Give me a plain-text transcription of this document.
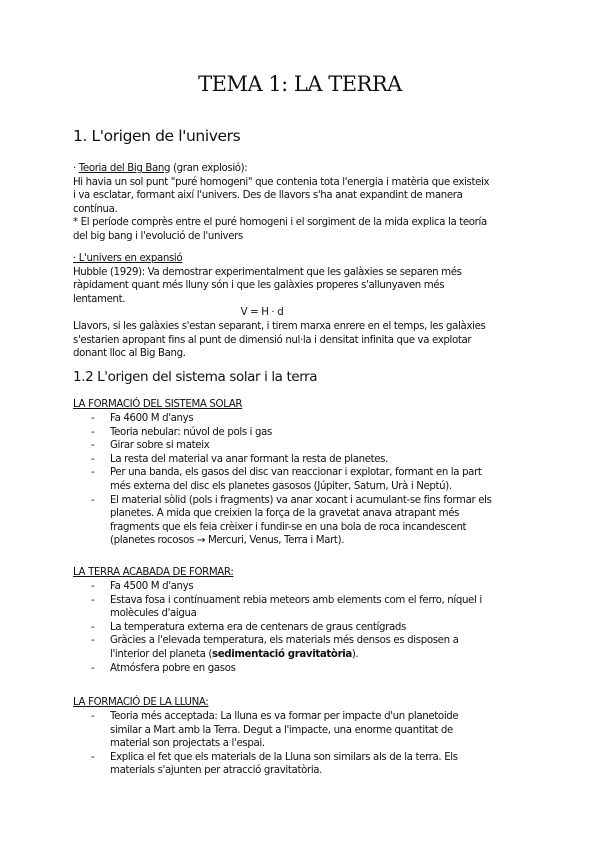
TEMA 1: LA TERRA
1. L'origen de l'univers
· Teoria del Big Bang (gran explosió):
Hi havia un sol punt "puré homogeni" que contenia tota l'energia i matèria que existeix
i va esclatar, formant així l'univers. Des de llavors s'ha anat expandint de manera
contínua.
* El període comprès entre el puré homogeni i el sorgiment de la mida explica la teoría
del big bang i l'evolució de l'univers
· L'univers en expansió
Hubble (1929): Va demostrar experimentalment que les galàxies se separen més
ràpidament quant més lluny són i que les galàxies properes s'allunyaven més
lentament.
V = H · d
Llavors, si les galàxies s'estan separant, i tirem marxa enrere en el temps, les galàxies
s'estarien apropant fins al punt de dimensió nul·la i densitat infinita que va explotar
donant lloc al Big Bang.
1.2 L'origen del sistema solar i la terra
LA FORMACIÓ DEL SISTEMA SOLAR
- Fa 4600 M d'anys
- Teoria nebular: núvol de pols i gas
- Girar sobre si mateix
- La resta del material va anar formant la resta de planetes.
- Per una banda, els gasos del disc van reaccionar i explotar, formant en la part
més externa del disc els planetes gasosos (Júpiter, Saturn, Urà i Neptú).
- El material sòlid (pols i fragments) va anar xocant i acumulant-se fins formar els
planetes. A mida que creixien la força de la gravetat anava atrapant més
fragments que els feia crèixer i fundir-se en una bola de roca incandescent
(planetes rocosos → Mercuri, Venus, Terra i Mart).
LA TERRA ACABADA DE FORMAR:
- Fa 4500 M d'anys
- Estava fosa i contínuament rebia meteors amb elements com el ferro, níquel i
molècules d'aigua
- La temperatura externa era de centenars de graus centígrads
- Gràcies a l'elevada temperatura, els materials més densos es disposen a
l'interior del planeta (sedimentació gravitatòria).
- Atmósfera pobre en gasos
LA FORMACIÓ DE LA LLUNA:
- Teoria més acceptada: La lluna es va formar per impacte d'un planetoide
similar a Mart amb la Terra. Degut a l'impacte, una enorme quantitat de
material son projectats a l'espai.
- Explica el fet que els materials de la Lluna son similars als de la terra. Els
materials s'ajunten per atracció gravitatòria.
